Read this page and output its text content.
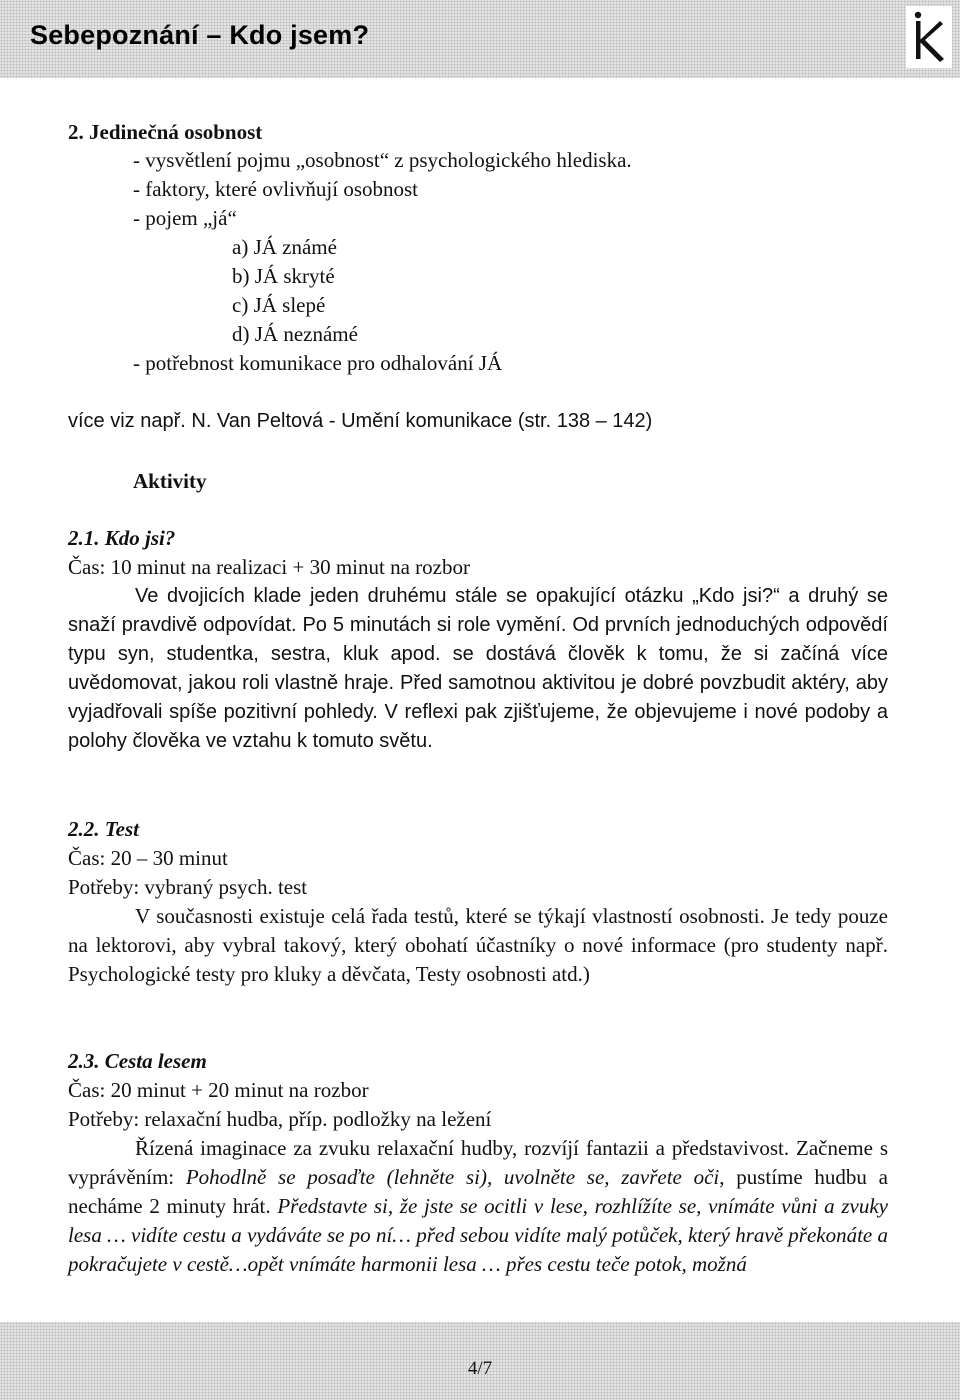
Sebepoznání – Kdo jsem?
2. Jedinečná osobnost
- vysvětlení pojmu „osobnost“ z psychologického hlediska.
- faktory, které ovlivňují osobnost
- pojem „já“
a) JÁ známé
b) JÁ skryté
c) JÁ slepé
d) JÁ neznámé
- potřebnost komunikace pro odhalování JÁ
více viz např. N. Van Peltová - Umění komunikace (str. 138 – 142)
Aktivity
2.1. Kdo jsi?
Čas: 10 minut na realizaci + 30 minut na rozbor

Ve dvojicích klade jeden druhému stále se opakující otázku „Kdo jsi?“ a druhý se snaží pravdivě odpovídat. Po 5 minutách si role vymění. Od prvních jednoduchých odpovědí typu syn, studentka, sestra, kluk apod. se dostává člověk k tomu, že si začíná více uvědomovat, jakou roli vlastně hraje. Před samotnou aktivitou je dobré povzbudit aktéry, aby vyjadřovali spíše pozitivní pohledy. V reflexi pak zjišťujeme, že objevujeme i nové podoby a polohy člověka ve vztahu k tomuto světu.

2.2. Test
Čas: 20 – 30 minut
Potřeby: vybraný psych. test

V současnosti existuje celá řada testů, které se týkají vlastností osobnosti. Je tedy pouze na lektorovi, aby vybral takový, který obohatí účastníky o nové informace (pro studenty např. Psychologické testy pro kluky a děvčata, Testy osobnosti atd.)

2.3. Cesta lesem
Čas: 20 minut + 20 minut na rozbor
Potřeby: relaxační hudba, příp. podložky na ležení

Řízená imaginace za zvuku relaxační hudby, rozvíjí fantazii a představivost. Začneme s vyprávěním: Pohodlně se posaďte (lehněte si), uvolněte se, zavřete oči, pustíme hudbu a necháme 2 minuty hrát. Představte si, že jste se ocitli v lese, rozhlížíte se, vnímáte vůni a zvuky lesa … vidíte cestu a vydáváte se po ní… před sebou vidíte malý potůček, který hravě překonáte a pokračujete v cestě…opět vnímáte harmonii lesa … přes cestu teče potok, možná

4/7
